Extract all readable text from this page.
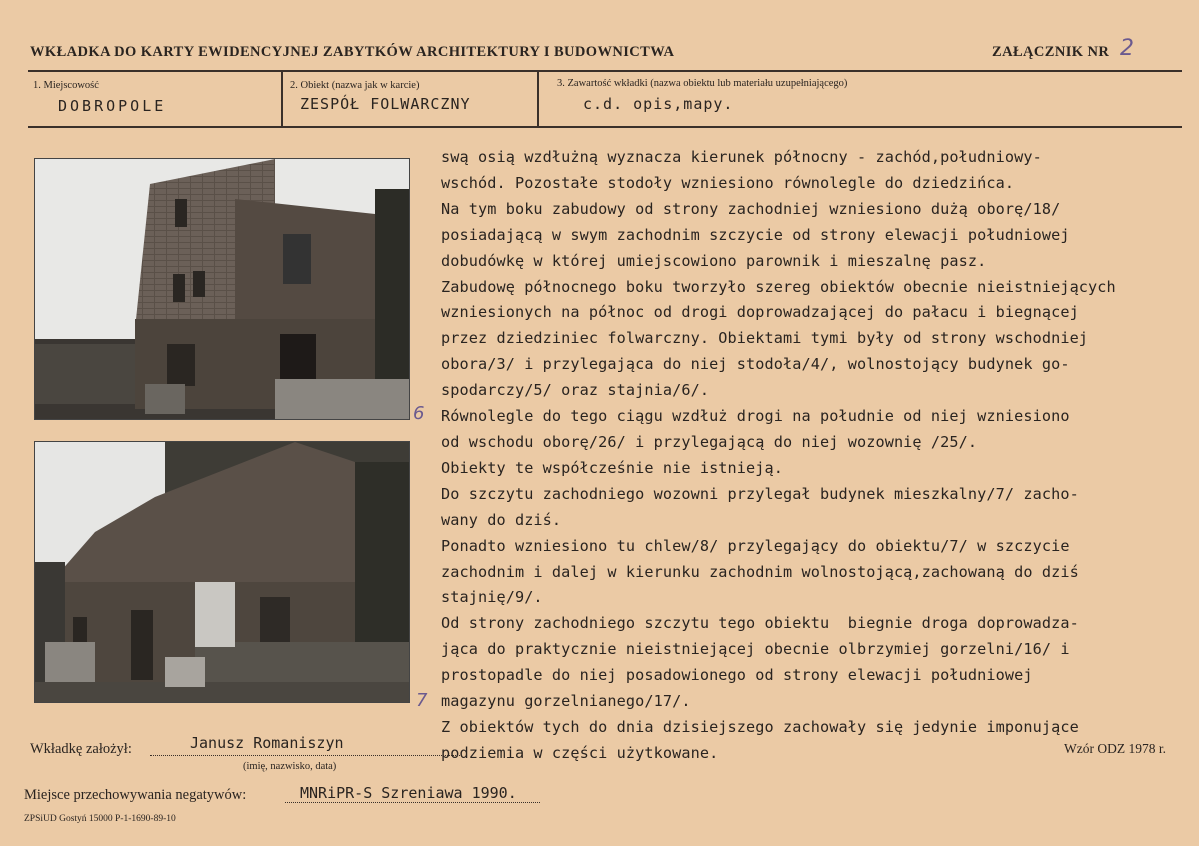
WKŁADKA DO KARTY EWIDENCYJNEJ ZABYTKÓW ARCHITEKTURY I BUDOWNICTWA	ZAŁĄCZNIK NR 2
1. Miejscowość
DOBROPOLE
2. Obiekt (nazwa jak w karcie)
ZESPÓŁ FOLWARCZNY
3. Zawartość wkładki (nazwa obiektu lub materiału uzupełniającego)
c.d. opis,mapy.
6
7
swą osią wzdłużną wyznacza kierunek północny - zachód,południowy-
wschód. Pozostałe stodoły wzniesiono równolegle do dziedzińca.
Na tym boku zabudowy od strony zachodniej wzniesiono dużą oborę/18/
posiadającą w swym zachodnim szczycie od strony elewacji południowej
dobudówkę w której umiejscowiono parownik i mieszalnę pasz.
Zabudowę północnego boku tworzyło szereg obiektów obecnie nieistniejących
wzniesionych na północ od drogi doprowadzającej do pałacu i biegnącej
przez dziedziniec folwarczny. Obiektami tymi były od strony wschodniej
obora/3/ i przylegająca do niej stodoła/4/, wolnostojący budynek go-
spodarczy/5/ oraz stajnia/6/.
Równolegle do tego ciągu wzdłuż drogi na południe od niej wzniesiono
od wschodu oborę/26/ i przylegającą do niej wozownię /25/.
Obiekty te współcześnie nie istnieją.
Do szczytu zachodniego wozowni przylegał budynek mieszkalny/7/ zacho-
wany do dziś.
Ponadto wzniesiono tu chlew/8/ przylegający do obiektu/7/ w szczycie
zachodnim i dalej w kierunku zachodnim wolnostojącą,zachowaną do dziś
stajnię/9/.
Od strony zachodniego szczytu tego obiektu  biegnie droga doprowadza-
jąca do praktycznie nieistniejącej obecnie olbrzymiej gorzelni/16/ i
prostopadle do niej posadowionego od strony elewacji południowej
magazynu gorzelnianego/17/.
Z obiektów tych do dnia dzisiejszego zachowały się jedynie imponujące
podziemia w części użytkowane.
Wkładkę założył:	Janusz Romaniszyn
(imię, nazwisko, data)
Wzór ODZ 1978 r.
Miejsce przechowywania negatywów:	MNRiPR-S Szreniawa 1990.
ZPSiUD Gostyń 15000 P-1-1690-89-10
